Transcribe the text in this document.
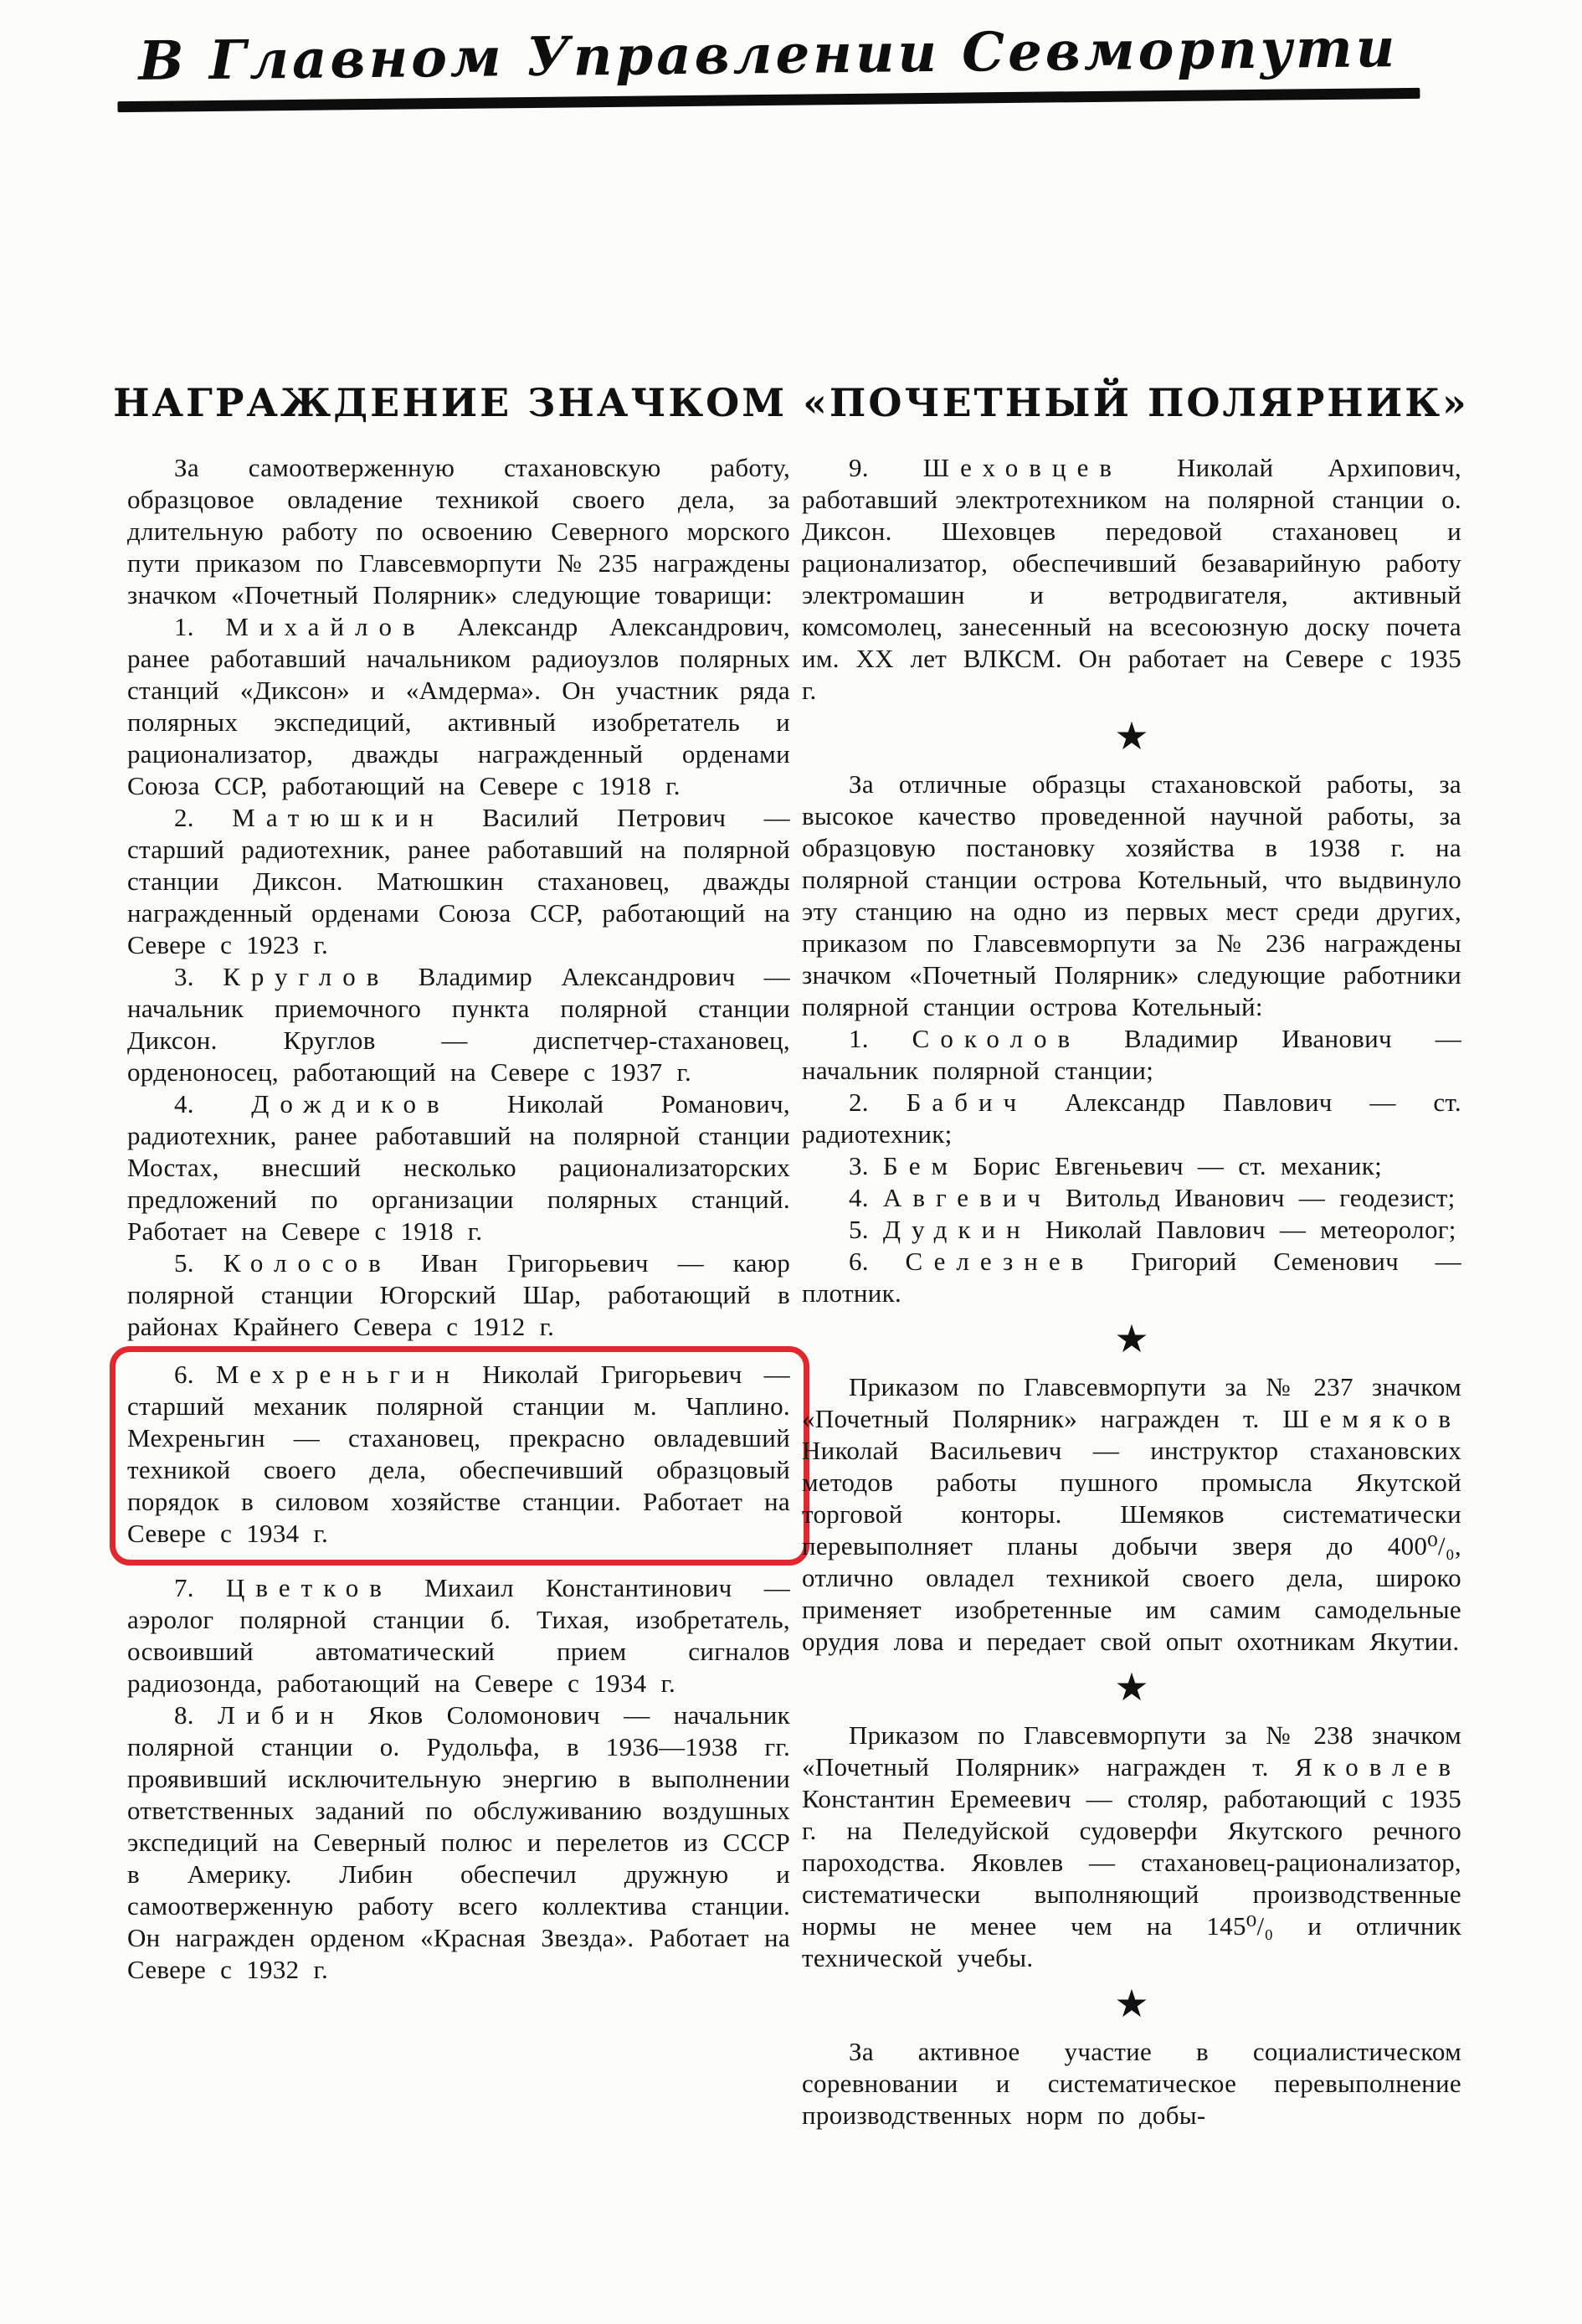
В Главном Управлении Севморпути
НАГРАЖДЕНИЕ ЗНАЧКОМ «ПОЧЕТНЫЙ ПОЛЯРНИК»

За самоотверженную стахановскую работу, образцовое овладение техникой своего дела, за длительную работу по освоению Северного морского пути приказом по Главсевморпути № 235 награждены значком «Почетный Полярник» следующие товарищи:

1. Михайлов Александр Александрович, ранее работавший начальником радиоузлов полярных станций «Диксон» и «Амдерма». Он участник ряда полярных экспедиций, активный изобретатель и рационализатор, дважды награжденный орденами Союза ССР, работающий на Севере с 1918 г.

2. Матюшкин Василий Петрович — старший радиотехник, ранее работавший на полярной станции Диксон. Матюшкин стахановец, дважды награжденный орденами Союза ССР, работающий на Севере с 1923 г.

3. Круглов Владимир Александрович — начальник приемочного пункта полярной станции Диксон. Круглов — диспетчер-стахановец, орденоносец, работающий на Севере с 1937 г.

4. Дождиков Николай Романович, радиотехник, ранее работавший на полярной станции Мостах, внесший несколько рационализаторских предложений по организации полярных станций. Работает на Севере с 1918 г.

5. Колосов Иван Григорьевич — каюр полярной станции Югорский Шар, работающий в районах Крайнего Севера с 1912 г.

6. Мехреньгин Николай Григорьевич — старший механик полярной станции м. Чаплино. Мехреньгин — стахановец, прекрасно овладевший техникой своего дела, обеспечивший образцовый порядок в силовом хозяйстве станции. Работает на Севере с 1934 г.

7. Цветков Михаил Константинович — аэролог полярной станции б. Тихая, изобретатель, освоивший автоматический прием сигналов радиозонда, работающий на Севере с 1934 г.

8. Либин Яков Соломонович — начальник полярной станции о. Рудольфа, в 1936—1938 гг. проявивший исключительную энергию в выполнении ответственных заданий по обслуживанию воздушных экспедиций на Северный полюс и перелетов из СССР в Америку. Либин обеспечил дружную и самоотверженную работу всего коллектива станции. Он награжден орденом «Красная Звезда». Работает на Севере с 1932 г.

9. Шеховцев Николай Архипович, работавший электротехником на полярной станции о. Диксон. Шеховцев передовой стахановец и рационализатор, обеспечивший безаварийную работу электромашин и ветродвигателя, активный комсомолец, занесенный на всесоюзную доску почета им. XX лет ВЛКСМ. Он работает на Севере с 1935 г.

★

За отличные образцы стахановской работы, за высокое качество проведенной научной работы, за образцовую постановку хозяйства в 1938 г. на полярной станции острова Котельный, что выдвинуло эту станцию на одно из первых мест среди других, приказом по Главсевморпути за № 236 награждены значком «Почетный Полярник» следующие работники полярной станции острова Котельный:

1. Соколов Владимир Иванович — начальник полярной станции;

2. Бабич Александр Павлович — ст. радиотехник;

3. Бем Борис Евгеньевич — ст. механик;

4. Авгевич Витольд Иванович — геодезист;

5. Дудкин Николай Павлович — метеоролог;

6. Селезнев Григорий Семенович — плотник.

★

Приказом по Главсевморпути за № 237 значком «Почетный Полярник» награжден т. Шемяков Николай Васильевич — инструктор стахановских методов работы пушного промысла Якутской торговой конторы. Шемяков систематически перевыполняет планы добычи зверя до 400⁰/₀, отлично овладел техникой своего дела, широко применяет изобретенные им самим самодельные орудия лова и передает свой опыт охотникам Якутии.

★

Приказом по Главсевморпути за № 238 значком «Почетный Полярник» награжден т. Яковлев Константин Еремеевич — столяр, работающий с 1935 г. на Пеледуйской судоверфи Якутского речного пароходства. Яковлев — стахановец-рационализатор, систематически выполняющий производственные нормы не менее чем на 145⁰/₀ и отличник технической учебы.

★

За активное участие в социалистическом соревновании и систематическое перевыполнение производственных норм по добы-
